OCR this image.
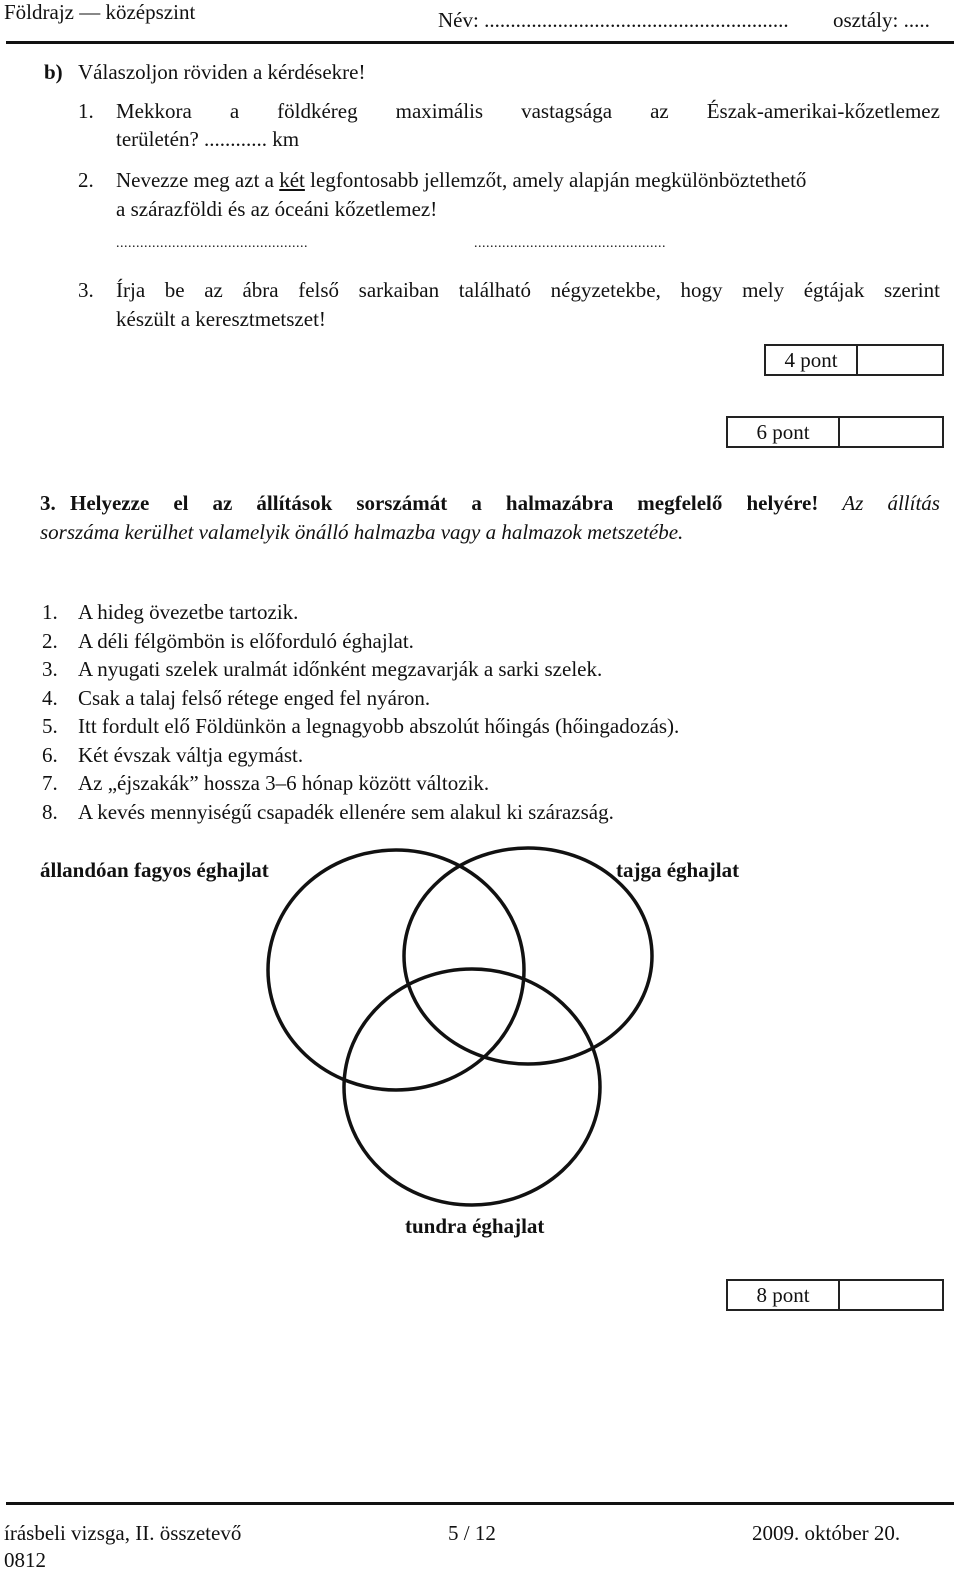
Földrajz — középszint	Név: .......................................................... osztály: .....
b) Válaszoljon röviden a kérdésekre!
1. Mekkora a földkéreg maximális vastagsága az Észak-amerikai-kőzetlemez
területén? ............ km
2. Nevezze meg azt a két legfontosabb jellemzőt, amely alapján megkülönböztethető
a szárazföldi és az óceáni kőzetlemez!
................................................	................................................
3. Írja be az ábra felső sarkaiban található négyzetekbe, hogy mely égtájak szerint
készült a keresztmetszet!
4 pont
6 pont
3. Helyezze el az állítások sorszámát a halmazábra megfelelő helyére! Az állítás
sorszáma kerülhet valamelyik önálló halmazba vagy a halmazok metszetébe.
1. A hideg övezetbe tartozik.
2. A déli félgömbön is előforduló éghajlat.
3. A nyugati szelek uralmát időnként megzavarják a sarki szelek.
4. Csak a talaj felső rétege enged fel nyáron.
5. Itt fordult elő Földünkön a legnagyobb abszolút hőingás (hőingadozás).
6. Két évszak váltja egymást.
7. Az „éjszakák” hossza 3–6 hónap között változik.
8. A kevés mennyiségű csapadék ellenére sem alakul ki szárazság.
állandóan fagyos éghajlat	tajga éghajlat
tundra éghajlat
8 pont
írásbeli vizsga, II. összetevő
0812
5 / 12	2009. október 20.
